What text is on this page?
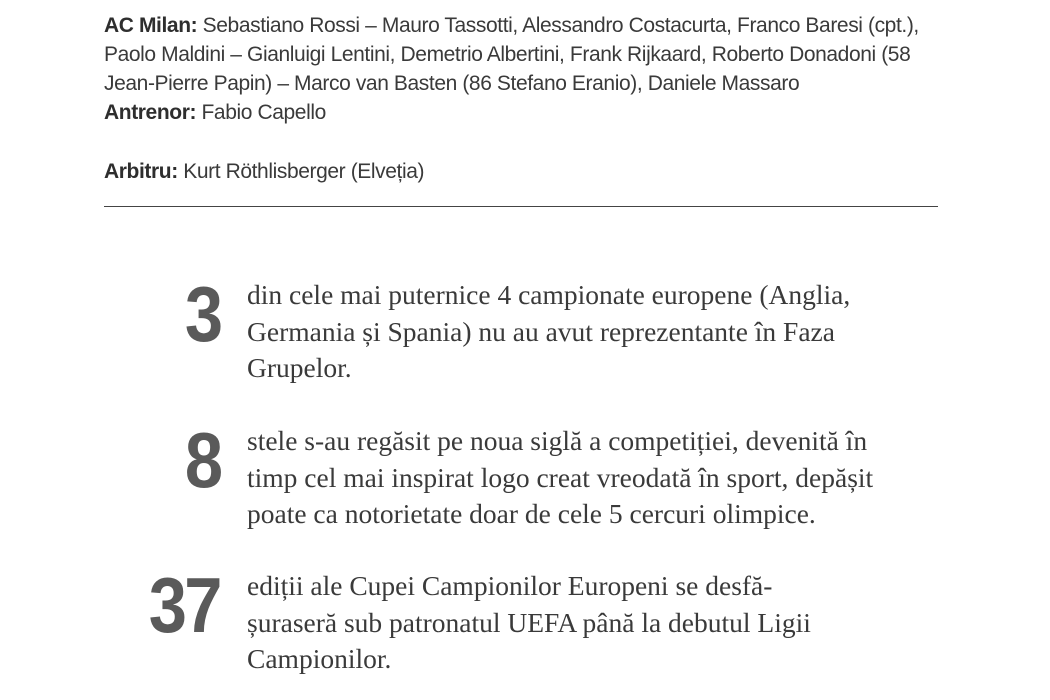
AC Milan: Sebastiano Rossi – Mauro Tassotti, Alessandro Costacurta, Franco Baresi (cpt.),
Paolo Maldini – Gianluigi Lentini, Demetrio Albertini, Frank Rijkaard, Roberto Donadoni (58
Jean-Pierre Papin) – Marco van Basten (86 Stefano Eranio), Daniele Massaro
Antrenor: Fabio Capello
Arbitru: Kurt Röthlisberger (Elveția)
3 din cele mai puternice 4 campionate europene (Anglia,
Germania și Spania) nu au avut reprezentante în Faza
Grupelor.
8 stele s-au regăsit pe noua siglă a competiției, devenită în
timp cel mai inspirat logo creat vreodată în sport, depășit
poate ca notorietate doar de cele 5 cercuri olimpice.
37 ediții ale Cupei Campionilor Europeni se desfă-
șuraseră sub patronatul UEFA până la debutul Ligii
Campionilor.
